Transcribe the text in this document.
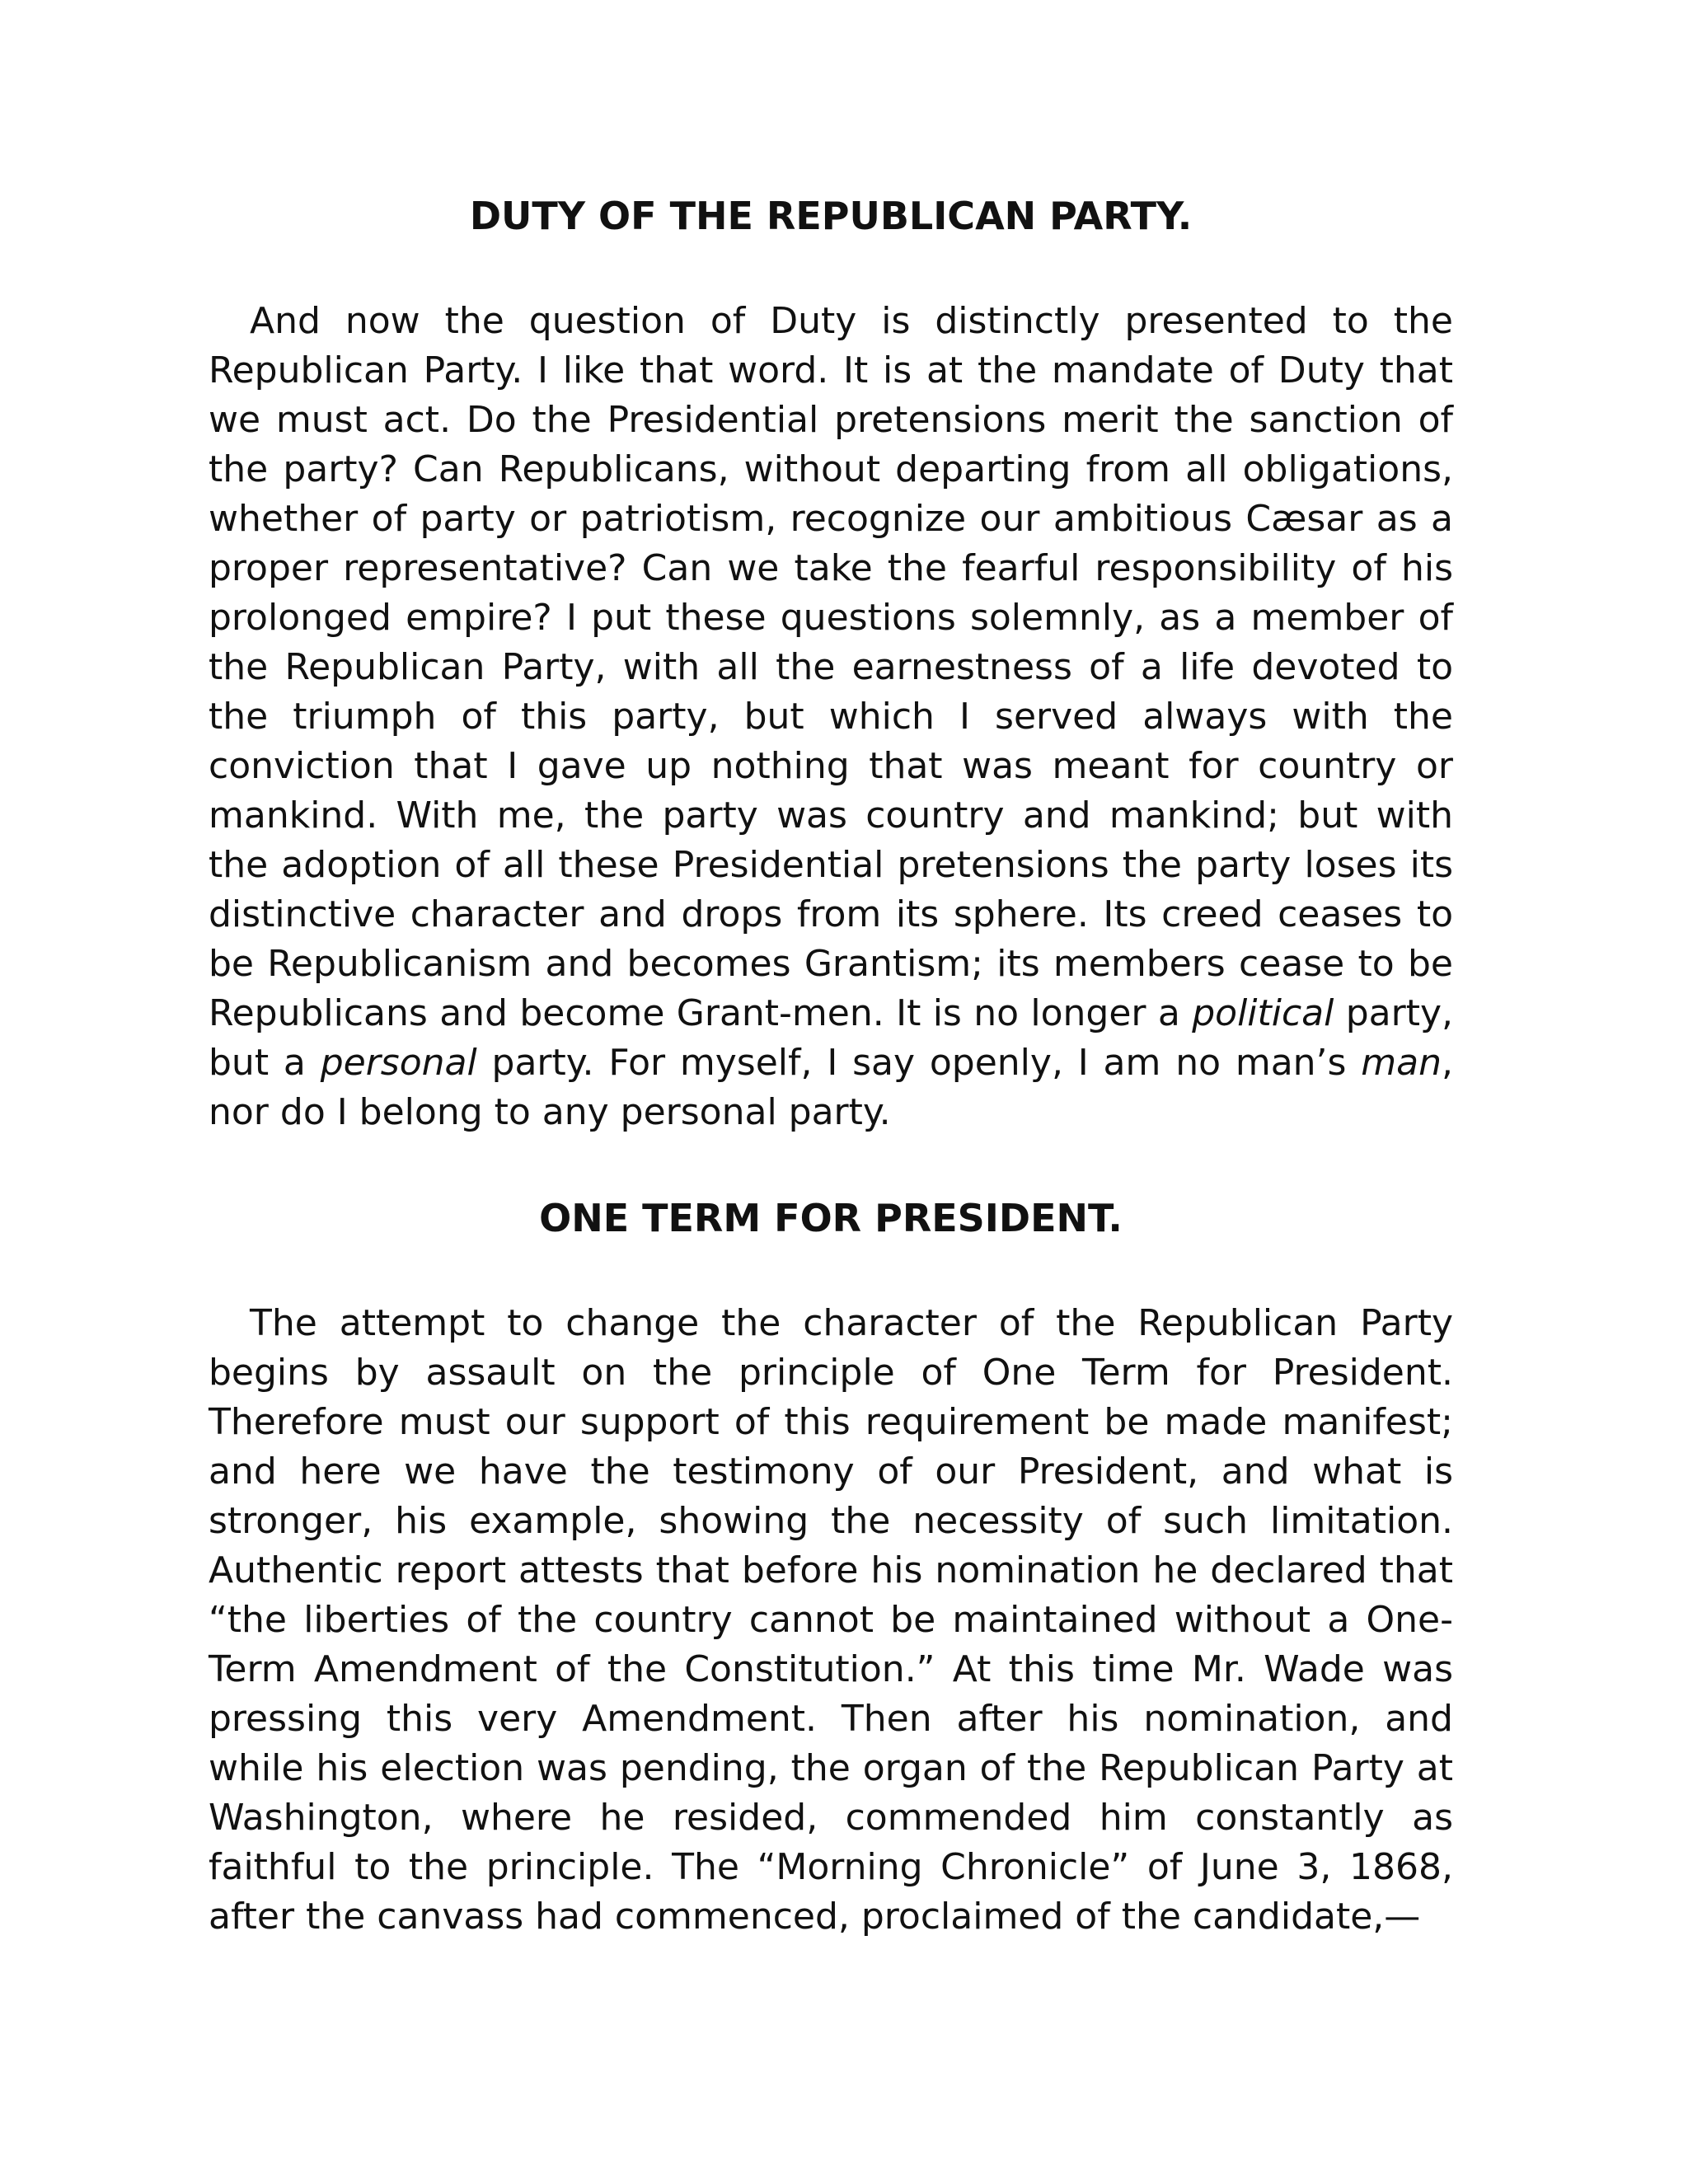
DUTY OF THE REPUBLICAN PARTY.

And now the question of Duty is distinctly presented to the Republican Party. I like that word. It is at the mandate of Duty that we must act. Do the Presidential pretensions merit the sanction of the party? Can Republicans, without departing from all obligations, whether of party or patriotism, recognize our ambitious Cæsar as a proper representative? Can we take the fearful responsibility of his prolonged empire? I put these questions solemnly, as a member of the Republican Party, with all the earnestness of a life devoted to the triumph of this party, but which I served always with the conviction that I gave up nothing that was meant for country or mankind. With me, the party was country and mankind; but with the adoption of all these Presidential pretensions the party loses its distinctive character and drops from its sphere. Its creed ceases to be Republicanism and becomes Grantism; its members cease to be Republicans and become Grant-men. It is no longer a political party, but a personal party. For myself, I say openly, I am no man’s man, nor do I belong to any personal party.

ONE TERM FOR PRESIDENT.

The attempt to change the character of the Republican Party begins by assault on the principle of One Term for President. Therefore must our support of this requirement be made manifest; and here we have the testimony of our President, and what is stronger, his example, showing the necessity of such limitation. Authentic report attests that before his nomination he declared that “the liberties of the country cannot be maintained without a One-Term Amendment of the Constitution.” At this time Mr. Wade was pressing this very Amendment. Then after his nomination, and while his election was pending, the organ of the Republican Party at Washington, where he resided, commended him constantly as faithful to the principle. The “Morning Chronicle” of June 3, 1868, after the canvass had commenced, proclaimed of the candidate,—
